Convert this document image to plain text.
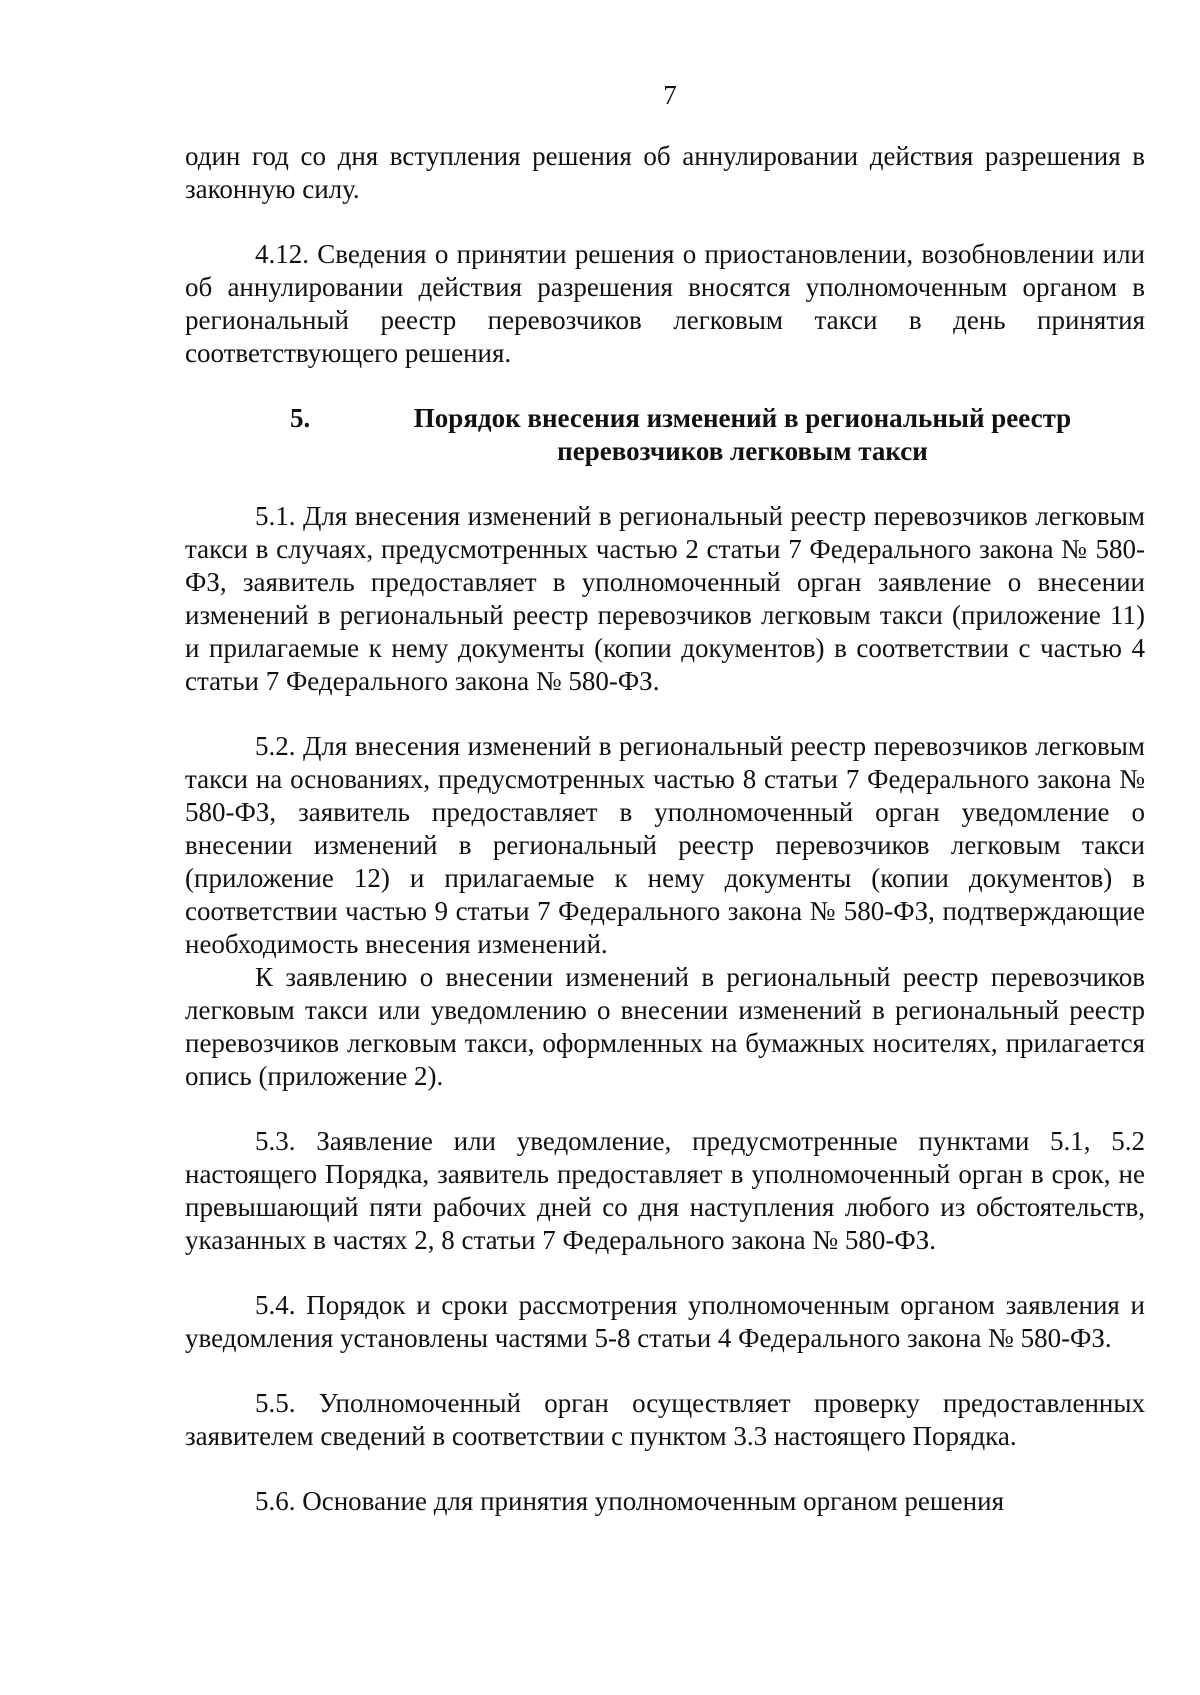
7

один год со дня вступления решения об аннулировании действия разрешения в законную силу.

4.12. Сведения о принятии решения о приостановлении, возобновлении или об аннулировании действия разрешения вносятся уполномоченным органом в региональный реестр перевозчиков легковым такси в день принятия соответствующего решения.

5.	Порядок внесения изменений в региональный реестр
перевозчиков легковым такси

5.1. Для внесения изменений в региональный реестр перевозчиков легковым такси в случаях, предусмотренных частью 2 статьи 7 Федерального закона № 580-ФЗ, заявитель предоставляет в уполномоченный орган заявление о внесении изменений в региональный реестр перевозчиков легковым такси (приложение 11) и прилагаемые к нему документы (копии документов) в соответствии с частью 4 статьи 7 Федерального закона № 580-ФЗ.

5.2. Для внесения изменений в региональный реестр перевозчиков легковым такси на основаниях, предусмотренных частью 8 статьи 7 Федерального закона № 580-ФЗ, заявитель предоставляет в уполномоченный орган уведомление о внесении изменений в региональный реестр перевозчиков легковым такси (приложение 12) и прилагаемые к нему документы (копии документов) в соответствии частью 9 статьи 7 Федерального закона № 580-ФЗ, подтверждающие необходимость внесения изменений.

К заявлению о внесении изменений в региональный реестр перевозчиков легковым такси или уведомлению о внесении изменений в региональный реестр перевозчиков легковым такси, оформленных на бумажных носителях, прилагается опись (приложение 2).

5.3. Заявление или уведомление, предусмотренные пунктами 5.1, 5.2 настоящего Порядка, заявитель предоставляет в уполномоченный орган в срок, не превышающий пяти рабочих дней со дня наступления любого из обстоятельств, указанных в частях 2, 8 статьи 7 Федерального закона № 580-ФЗ.

5.4. Порядок и сроки рассмотрения уполномоченным органом заявления и уведомления установлены частями 5-8 статьи 4 Федерального закона № 580-ФЗ.

5.5. Уполномоченный орган осуществляет проверку предоставленных заявителем сведений в соответствии с пунктом 3.3 настоящего Порядка.

5.6. Основание для принятия уполномоченным органом решения
